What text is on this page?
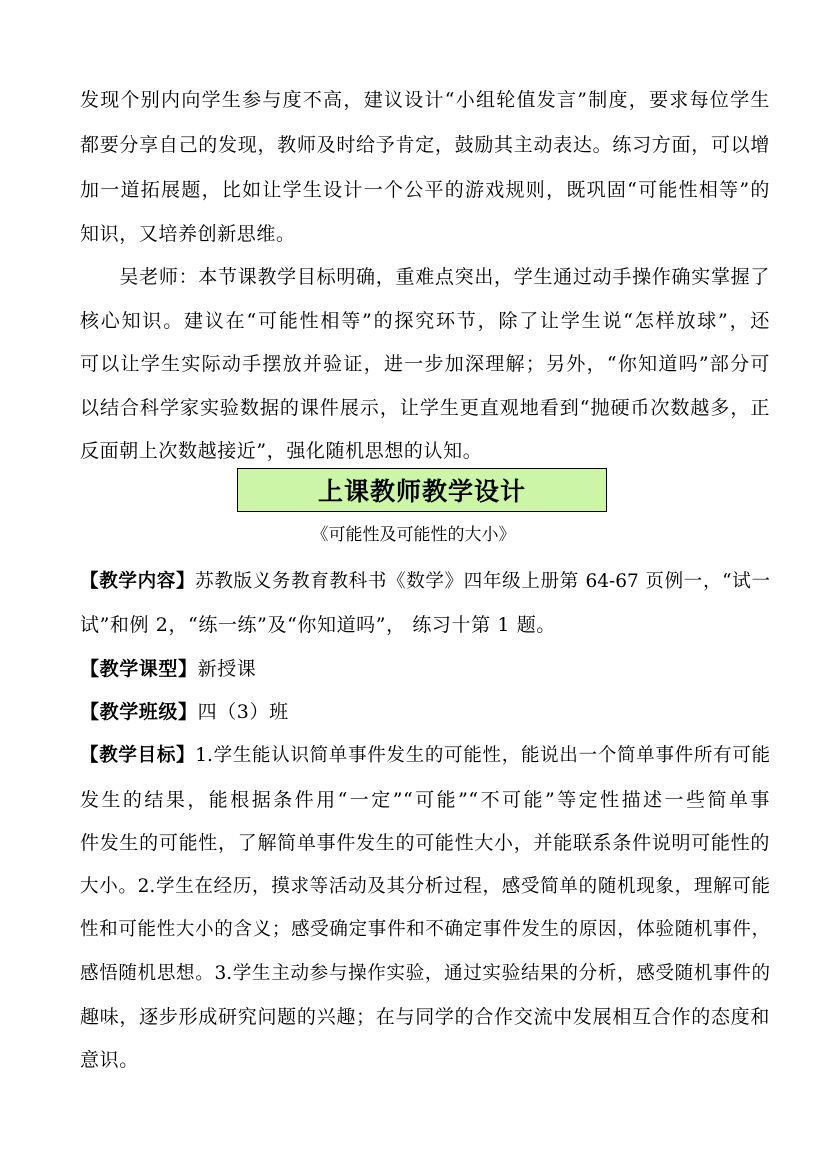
发现个别内向学生参与度不高，建议设计“小组轮值发言”制度，要求每位学生
都要分享自己的发现，教师及时给予肯定，鼓励其主动表达。练习方面，可以增
加一道拓展题，比如让学生设计一个公平的游戏规则，既巩固“可能性相等”的
知识，又培养创新思维。
　　吴老师：本节课教学目标明确，重难点突出，学生通过动手操作确实掌握了
核心知识。建议在“可能性相等”的探究环节，除了让学生说“怎样放球”，还
可以让学生实际动手摆放并验证，进一步加深理解；另外，“你知道吗”部分可
以结合科学家实验数据的课件展示，让学生更直观地看到“抛硬币次数越多，正
反面朝上次数越接近”，强化随机思想的认知。
上课教师教学设计
《可能性及可能性的大小》
【教学内容】苏教版义务教育教科书《数学》四年级上册第 64-67 页例一，“试一
试”和例 2，“练一练”及“你知道吗”， 练习十第 1 题。
【教学课型】新授课
【教学班级】四（3）班
【教学目标】1.学生能认识简单事件发生的可能性，能说出一个简单事件所有可能
发生的结果，能根据条件用“一定”“可能”“不可能”等定性描述一些简单事
件发生的可能性，了解简单事件发生的可能性大小，并能联系条件说明可能性的
大小。2.学生在经历，摸求等活动及其分析过程，感受简单的随机现象，理解可能
性和可能性大小的含义；感受确定事件和不确定事件发生的原因，体验随机事件，
感悟随机思想。3.学生主动参与操作实验，通过实验结果的分析，感受随机事件的
趣味，逐步形成研究问题的兴趣；在与同学的合作交流中发展相互合作的态度和
意识。
